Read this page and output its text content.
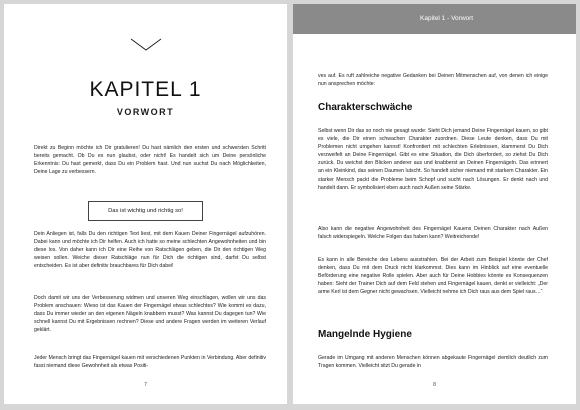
KAPITEL 1
VORWORT

Direkt zu Beginn möchte ich Dir gratulieren! Du hast nämlich den ersten und schwersten Schritt bereits gemacht. Ob Du es nun glaubst, oder nicht! Es handelt sich um Deine persönliche Erkenntnis: Du hast gemerkt, dass Du ein Problem hast. Und nun suchst Du nach Möglichkeiten, Deine Lage zu verbessern.

Das ist wichtig und richtig so!

Dein Anliegen ist, falls Du den richtigen Text liest, mit dem Kauen Deiner Fingernägel aufzuhören. Dabei kann und möchte ich Dir helfen. Auch ich hatte so meine schlechten Angewohnheiten und bin diese los. Von daher kann ich Dir eine Reihe von Ratschlägen geben, die Dir den richtigen Weg weisen sollen. Weiche dieser Ratschläge nun für Dich die richtigen sind, darfst Du selbst entscheiden. Es ist aber definitiv brauchbares für Dich dabei!

Doch damit wir uns der Verbesserung widmen und unseren Weg einschlagen, wollen wir uns das Problem anschauen: Wieso ist das Kauen der Fingernägel etwas schlechtes? Wie kommt es dazu, dass Du immer wieder an den eigenen Nägeln knabbern musst? Was kannst Du dagegen tun? Wie schnell kannst Du mit Ergebnissen rechnen? Diese und andere Fragen werden im weiteren Verlauf geklärt.

Jeder Mensch bringt das Fingernägel kauen mit verschiedenen Punkten in Verbindung. Aber definitiv fasst niemand diese Gewohnheit als etwas Positi-

7
Kapitel 1 - Vorwort

ves auf. Es ruft zahlreiche negative Gedanken bei Deinen Mitmenschen auf, von denen ich einige nun ansprechen möchte:

Charakterschwäche

Selbst wenn Dir das so noch nie gesagt wurde: Sieht Dich jemand Deine Fingernägel kauen, so gibt es viele, die Dir einen schwachen Charakter zuordnen. Diese Leute denken, dass Du mit Problemen nicht umgehen kannst! Konfrontiert mit schlechten Erlebnissen, klammerst Du Dich verzweifelt an Deine Fingernägel. Gibt es eine Situation, die Dich überfordert, so ziehst Du Dich zurück. Du weichst den Blicken anderer aus und knabberst an Deinen Fingernägeln. Das erinnert an ein Kleinkind, das seinen Daumen lutscht. So handelt sicher niemand mit starkem Charakter. Ein starker Mensch packt die Probleme beim Schopf und sucht nach Lösungen. Er denkt nach und handelt dann. Er symbolisiert eben auch nach Außen seine Stärke.

Also kann die negative Angewohnheit des Fingernägel Kauens Deinen Charakter nach Außen falsch widerspiegeln. Welche Folgen das haben kann? Weitreichende!

Es kann in alle Bereiche des Lebens ausstrahlen. Bei der Arbeit zum Beispiel könnte der Chef denken, dass Du mit dem Druck nicht klarkommst. Dies kann im Hinblick auf eine eventuelle Beförderung eine negative Rolle spielen. Aber auch für Deine Hobbies könnte es Konsequenzen haben: Sieht der Trainer Dich auf dem Feld stehen und Fingernägel kauen, denkt er vielleicht: „Der arme Kerl ist dem Gegner nicht gewachsen. Vielleicht nehme ich Dich raus aus dem Spiel raus…“

Mangelnde Hygiene

Gerade im Umgang mit anderen Menschen können abgekaute Fingernägel ziemlich deutlich zum Tragen kommen. Vielleicht sitzt Du gerade in

8
